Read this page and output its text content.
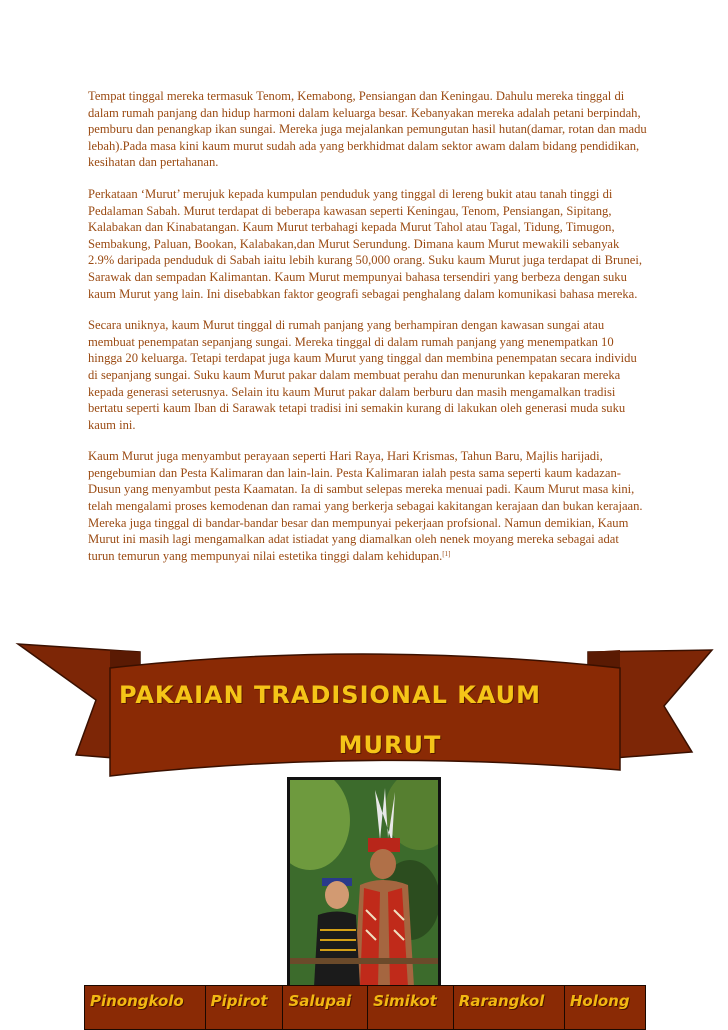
Tempat tinggal mereka termasuk Tenom, Kemabong, Pensiangan dan Keningau. Dahulu mereka tinggal di dalam rumah panjang dan hidup harmoni dalam keluarga besar. Kebanyakan mereka adalah petani berpindah, pemburu dan penangkap ikan sungai. Mereka juga mejalankan pemungutan hasil hutan(damar, rotan dan madu lebah).Pada masa kini kaum murut sudah ada yang berkhidmat dalam sektor awam dalam bidang pendidikan, kesihatan dan pertahanan.

Perkataan ‘Murut’ merujuk kepada kumpulan penduduk yang tinggal di lereng bukit atau tanah tinggi di Pedalaman Sabah. Murut terdapat di beberapa kawasan seperti Keningau, Tenom, Pensiangan, Sipitang, Kalabakan dan Kinabatangan. Kaum Murut terbahagi kepada Murut Tahol atau Tagal, Tidung, Timugon, Sembakung, Paluan, Bookan, Kalabakan,dan Murut Serundung. Dimana kaum Murut mewakili sebanyak 2.9% daripada penduduk di Sabah iaitu lebih kurang 50,000 orang. Suku kaum Murut juga terdapat di Brunei, Sarawak dan sempadan Kalimantan. Kaum Murut mempunyai bahasa tersendiri yang berbeza dengan suku kaum Murut yang lain. Ini disebabkan faktor geografi sebagai penghalang dalam komunikasi bahasa mereka.

Secara uniknya, kaum Murut tinggal di rumah panjang yang berhampiran dengan kawasan sungai atau membuat penempatan sepanjang sungai. Mereka tinggal di dalam rumah panjang yang menempatkan 10 hingga 20 keluarga. Tetapi terdapat juga kaum Murut yang tinggal dan membina penempatan secara individu di sepanjang sungai. Suku kaum Murut pakar dalam membuat perahu dan menurunkan kepakaran mereka kepada generasi seterusnya. Selain itu kaum Murut pakar dalam berburu dan masih mengamalkan tradisi bertatu seperti kaum Iban di Sarawak tetapi tradisi ini semakin kurang di lakukan oleh generasi muda suku kaum ini.

Kaum Murut juga menyambut perayaan seperti Hari Raya, Hari Krismas, Tahun Baru, Majlis harijadi, pengebumian dan Pesta Kalimaran dan lain-lain. Pesta Kalimaran ialah pesta sama seperti kaum kadazan-Dusun yang menyambut pesta Kaamatan. Ia di sambut selepas mereka menuai padi. Kaum Murut masa kini, telah mengalami proses kemodenan dan ramai yang berkerja sebagai kakitangan kerajaan dan bukan kerajaan. Mereka juga tinggal di bandar-bandar besar dan mempunyai pekerjaan profsional. Namun demikian, Kaum Murut ini masih lagi mengamalkan adat istiadat yang diamalkan oleh nenek moyang mereka sebagai adat turun temurun yang mempunyai nilai estetika tinggi dalam kehidupan.[1]

PAKAIAN TRADISIONAL KAUM
MURUT
Pinongkolo	Pipirot	Salupai	Simikot	Rarangkol	Holong
